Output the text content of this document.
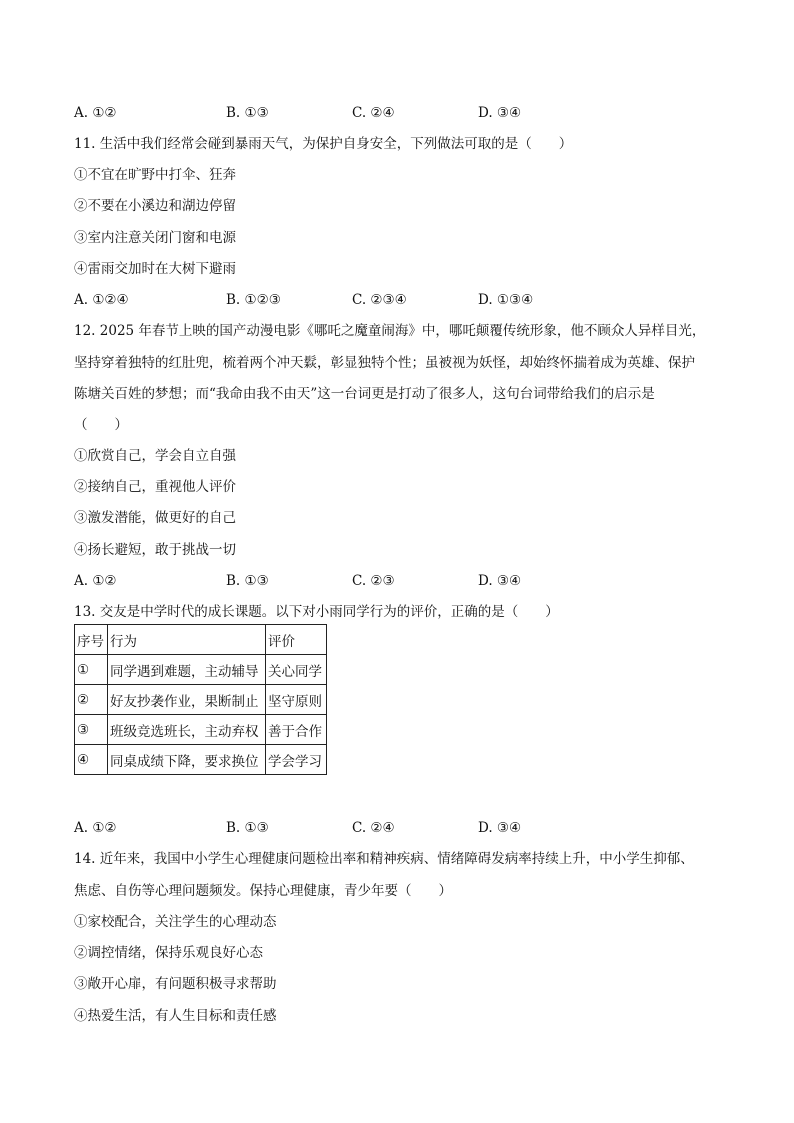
A. ①②	B. ①③	C. ②④	D. ③④
11. 生活中我们经常会碰到暴雨天气，为保护自身安全，下列做法可取的是（　　）
①不宜在旷野中打伞、狂奔
②不要在小溪边和湖边停留
③室内注意关闭门窗和电源
④雷雨交加时在大树下避雨
A. ①②④	B. ①②③	C. ②③④	D. ①③④
12. 2025 年春节上映的国产动漫电影《哪吒之魔童闹海》中，哪吒颠覆传统形象，他不顾众人异样目光，
坚持穿着独特的红肚兜，梳着两个冲天鬏，彰显独特个性；虽被视为妖怪，却始终怀揣着成为英雄、保护
陈塘关百姓的梦想；而“我命由我不由天”这一台词更是打动了很多人，这句台词带给我们的启示是
（　　）
①欣赏自己，学会自立自强
②接纳自己，重视他人评价
③激发潜能，做更好的自己
④扬长避短，敢于挑战一切
A. ①②	B. ①③	C. ②③	D. ③④
13. 交友是中学时代的成长课题。以下对小雨同学行为的评价，正确的是（　　）
序号	行为	评价
①	同学遇到难题，主动辅导	关心同学
②	好友抄袭作业，果断制止	坚守原则
③	班级竞选班长，主动弃权	善于合作
④	同桌成绩下降，要求换位	学会学习
A. ①②	B. ①③	C. ②④	D. ③④
14. 近年来，我国中小学生心理健康问题检出率和精神疾病、情绪障碍发病率持续上升，中小学生抑郁、
焦虑、自伤等心理问题频发。保持心理健康，青少年要（　　）
①家校配合，关注学生的心理动态
②调控情绪，保持乐观良好心态
③敞开心扉，有问题积极寻求帮助
④热爱生活，有人生目标和责任感
